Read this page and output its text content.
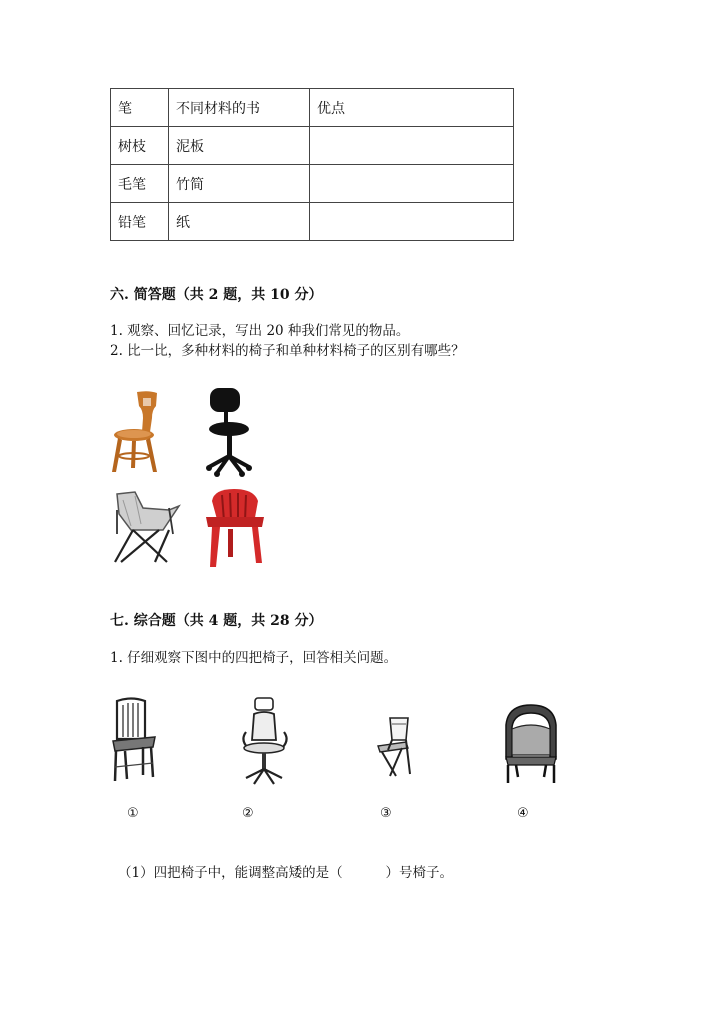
笔	不同材料的书	优点
树枝	泥板	
毛笔	竹简	
铅笔	纸	
六. 简答题（共 2 题，共 10 分）
1. 观察、回忆记录，写出 20 种我们常见的物品。
2. 比一比，多种材料的椅子和单种材料椅子的区别有哪些？
七. 综合题（共 4 题，共 28 分）
1. 仔细观察下图中的四把椅子，回答相关问题。
①	②	③	④
（1）四把椅子中，能调整高矮的是（          ）号椅子。
